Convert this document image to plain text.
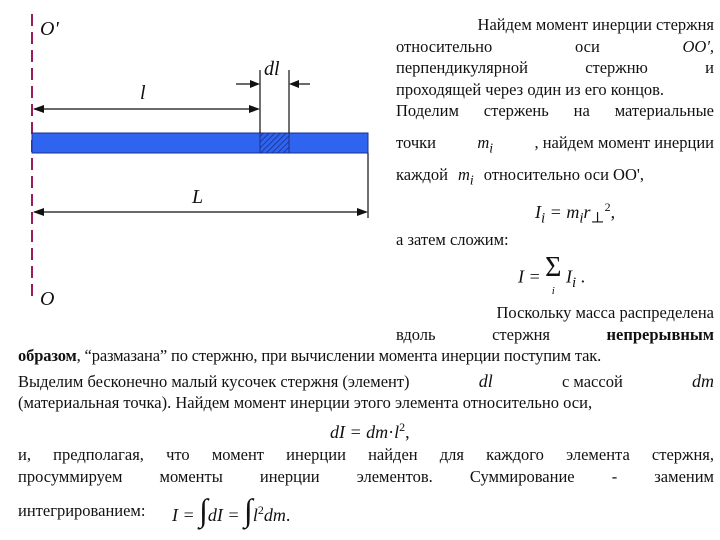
O'
O
dl
l
L
Найдем момент инерции стержня
относительно	оси	OO',
перпендикулярной	стержню	и
проходящей через один из его концов.
Поделим стержень на материальные
точки	$m_i$	, найдем момент инерции
каждой $m_i$ относительно оси OO',
$I_i = m_ir_\perp^2$,
а затем сложим:
I = Σ
$^i$ $I_i$ .
Поскольку масса распределена
вдоль	стержня	непрерывным
образом, “размазана” по стержню, при вычислении момента инерции поступим так.
Выделим бесконечно малый кусочек стержня (элемент)	dl	с массой	dm
(материальная точка). Найдем момент инерции этого элемента относительно оси,
dI = $dm\cdot l^2$,
и, предполагая, что момент инерции найден для каждого элемента стержня,
просуммируем моменты инерции элементов. Суммирование - заменим
интегрированием: $I = \int dI = \int l^2dm$.
